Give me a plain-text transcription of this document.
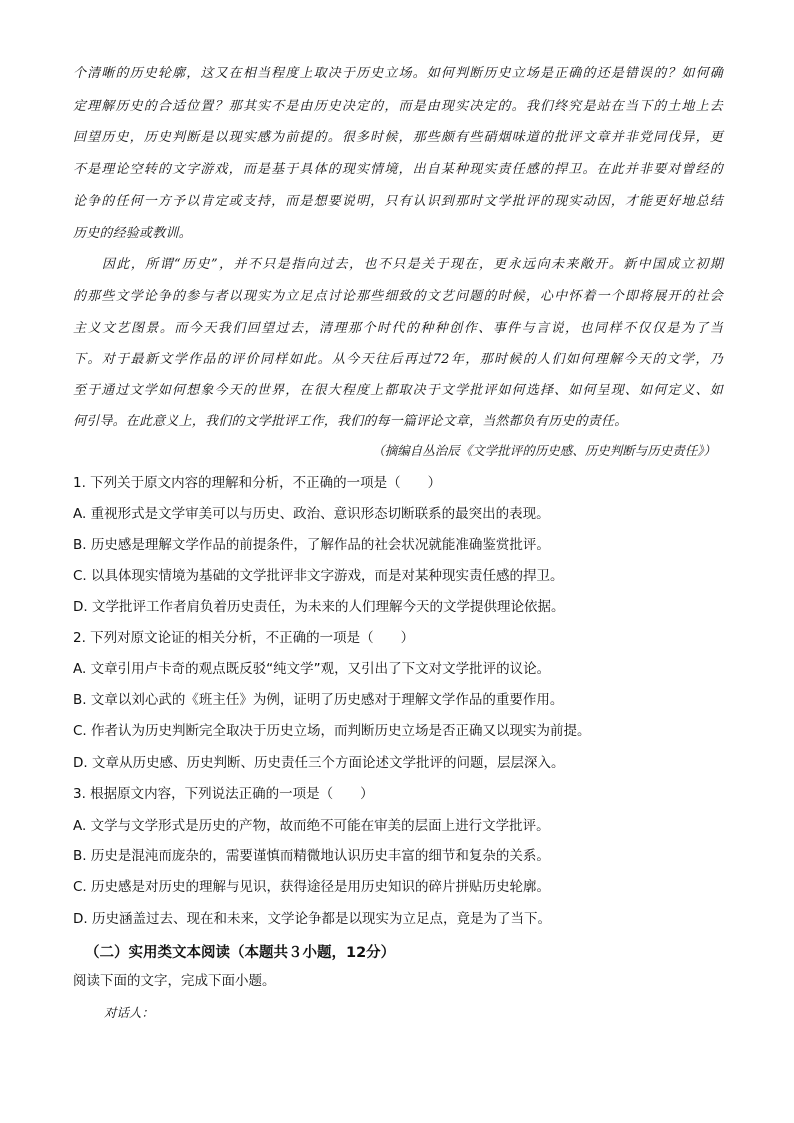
个清晰的历史轮廓，这又在相当程度上取决于历史立场。如何判断历史立场是正确的还是错误的？如何确
定理解历史的合适位置？那其实不是由历史决定的，而是由现实决定的。我们终究是站在当下的土地上去
回望历史，历史判断是以现实感为前提的。很多时候，那些颇有些硝烟味道的批评文章并非党同伐异，更
不是理论空转的文字游戏，而是基于具体的现实情境，出自某种现实责任感的捍卫。在此并非要对曾经的
论争的任何一方予以肯定或支持，而是想要说明，只有认识到那时文学批评的现实动因，才能更好地总结
历史的经验或教训。
　　因此，所谓“历史”，并不只是指向过去，也不只是关于现在，更永远向未来敞开。新中国成立初期
的那些文学论争的参与者以现实为立足点讨论那些细致的文艺问题的时候，心中怀着一个即将展开的社会
主义文艺图景。而今天我们回望过去，清理那个时代的种种创作、事件与言说，也同样不仅仅是为了当
下。对于最新文学作品的评价同样如此。从今天往后再过72年，那时候的人们如何理解今天的文学，乃
至于通过文学如何想象今天的世界，在很大程度上都取决于文学批评如何选择、如何呈现、如何定义、如
何引导。在此意义上，我们的文学批评工作，我们的每一篇评论文章，当然都负有历史的责任。
（摘编自丛治辰《文学批评的历史感、历史判断与历史责任》）
1. 下列关于原文内容的理解和分析，不正确的一项是（　　）
A. 重视形式是文学审美可以与历史、政治、意识形态切断联系的最突出的表现。
B. 历史感是理解文学作品的前提条件，了解作品的社会状况就能准确鉴赏批评。
C. 以具体现实情境为基础的文学批评非文字游戏，而是对某种现实责任感的捍卫。
D. 文学批评工作者肩负着历史责任，为未来的人们理解今天的文学提供理论依据。
2. 下列对原文论证的相关分析，不正确的一项是（　　）
A. 文章引用卢卡奇的观点既反驳“纯文学”观，又引出了下文对文学批评的议论。
B. 文章以刘心武的《班主任》为例，证明了历史感对于理解文学作品的重要作用。
C. 作者认为历史判断完全取决于历史立场，而判断历史立场是否正确又以现实为前提。
D. 文章从历史感、历史判断、历史责任三个方面论述文学批评的问题，层层深入。
3. 根据原文内容，下列说法正确的一项是（　　）
A. 文学与文学形式是历史的产物，故而绝不可能在审美的层面上进行文学批评。
B. 历史是混沌而庞杂的，需要谨慎而精微地认识历史丰富的细节和复杂的关系。
C. 历史感是对历史的理解与见识，获得途径是用历史知识的碎片拼贴历史轮廓。
D. 历史涵盖过去、现在和未来，文学论争都是以现实为立足点，竟是为了当下。
（二）实用类文本阅读（本题共３小题，12分）
阅读下面的文字，完成下面小题。
对话人：
